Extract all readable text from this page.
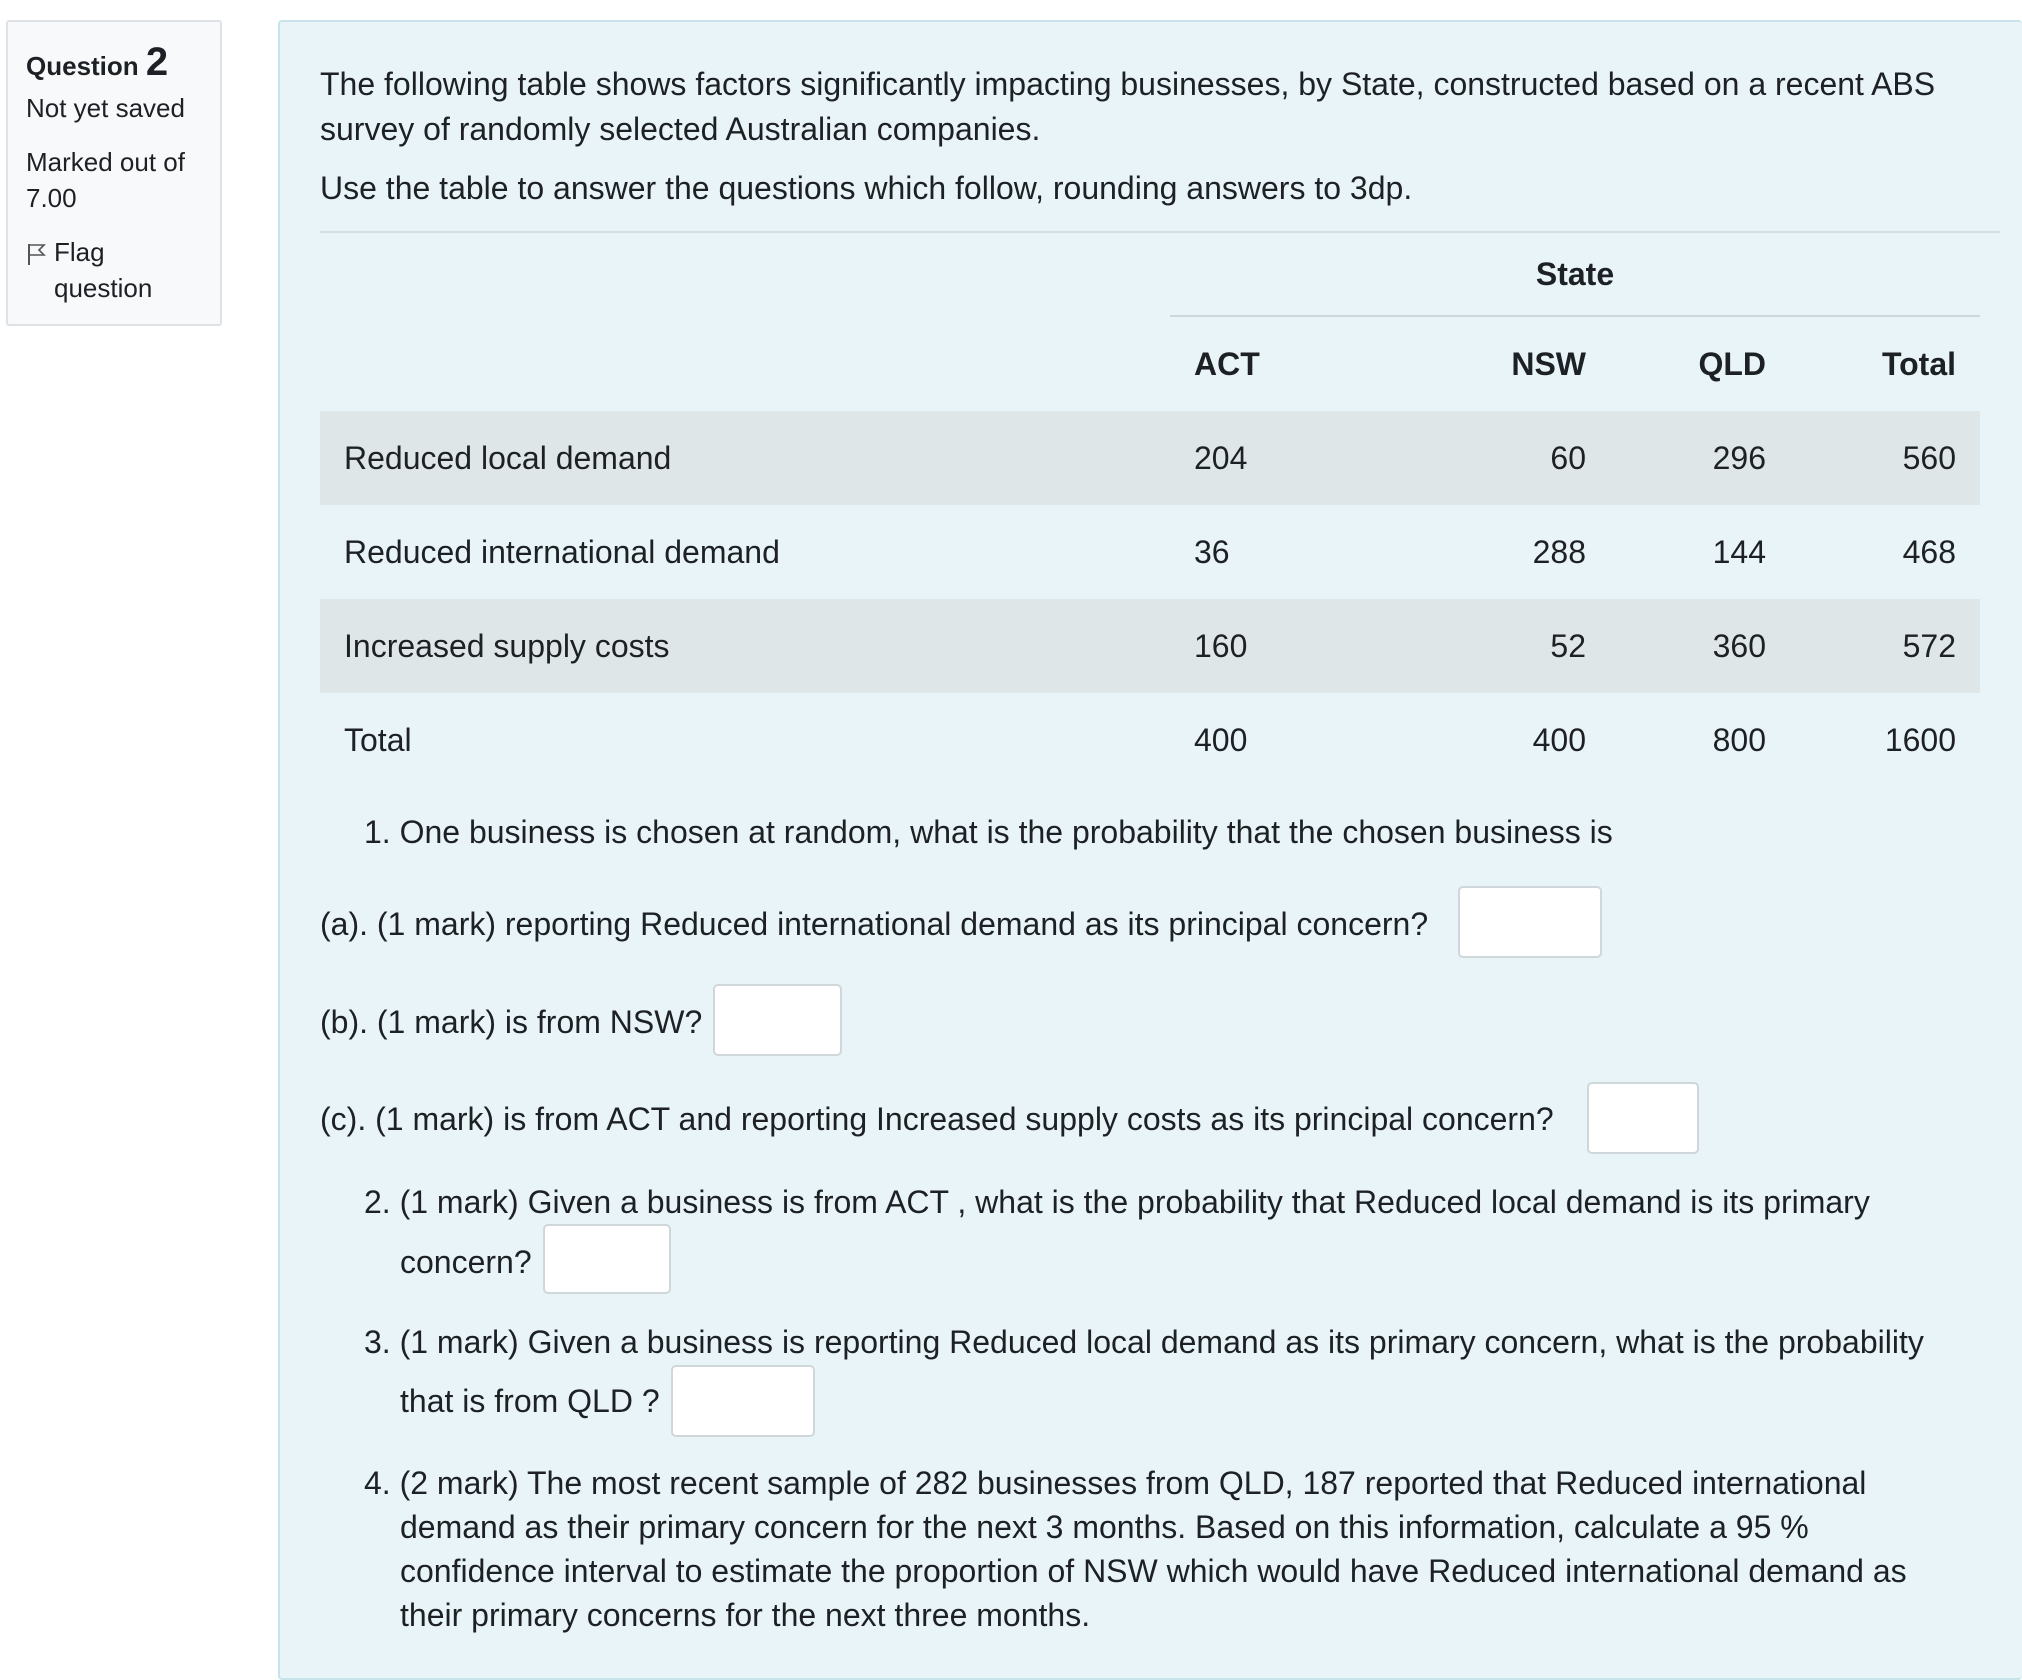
Question 2
Not yet saved
Marked out of
7.00
Flag
question

The following table shows factors significantly impacting businesses, by State, constructed based on a recent ABS survey of randomly selected Australian companies.

Use the table to answer the questions which follow, rounding answers to 3dp.

	State			
	ACT	NSW	QLD	Total
Reduced local demand	204	60	296	560
Reduced international demand	36	288	144	468
Increased supply costs	160	52	360	572
Total	400	400	800	1600
1. One business is chosen at random, what is the probability that the chosen business is
(a). (1 mark) reporting Reduced international demand as its principal concern?
(b). (1 mark) is from NSW?
(c). (1 mark) is from ACT and reporting Increased supply costs as its principal concern?
2. (1 mark) Given a business is from ACT , what is the probability that Reduced local demand is its primary
concern?
3. (1 mark) Given a business is reporting Reduced local demand as its primary concern, what is the probability
that is from QLD ?
4. (2 mark) The most recent sample of 282 businesses from QLD, 187 reported that Reduced international
demand as their primary concern for the next 3 months. Based on this information, calculate a 95 %
confidence interval to estimate the proportion of NSW which would have Reduced international demand as
their primary concerns for the next three months.
